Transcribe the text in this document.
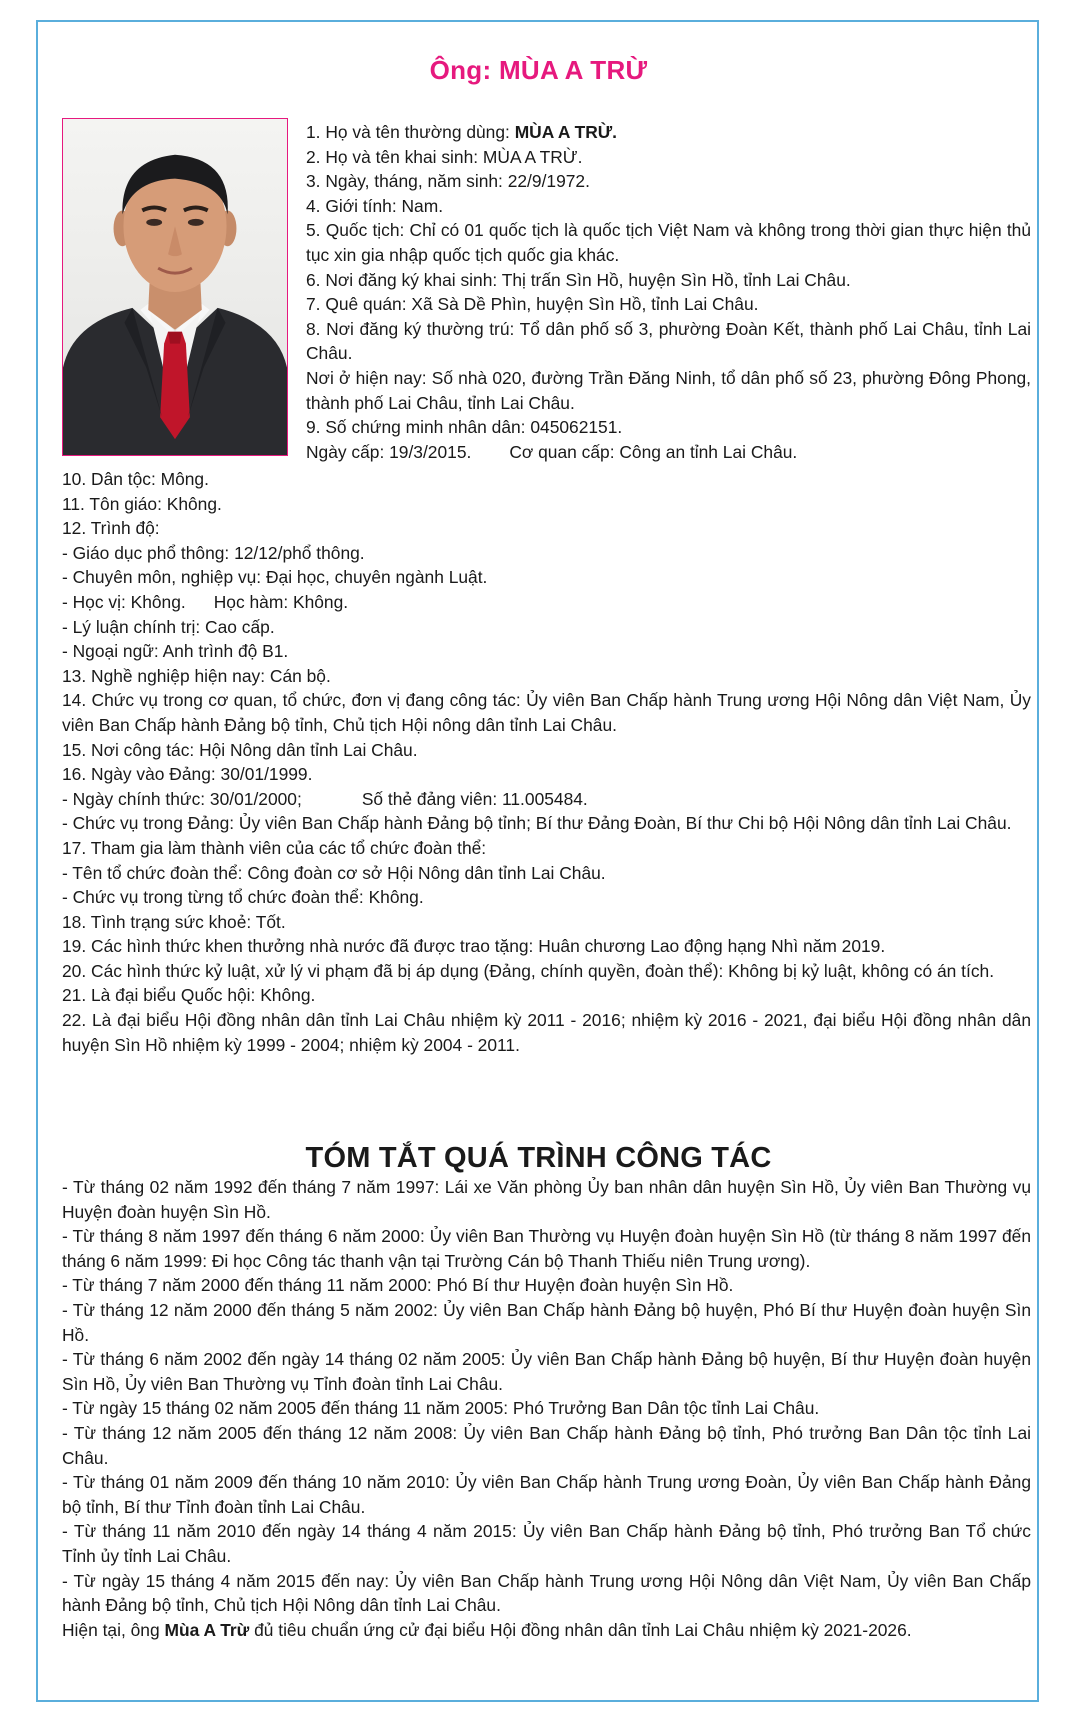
Ông: MÙA A TRỪ

1. Họ và tên thường dùng: MÙA A TRỪ.

2. Họ và tên khai sinh: MÙA A TRỪ.

3. Ngày, tháng, năm sinh: 22/9/1972.

4. Giới tính: Nam.

5. Quốc tịch: Chỉ có 01 quốc tịch là quốc tịch Việt Nam và không trong thời gian thực hiện thủ tục xin gia nhập quốc tịch quốc gia khác.

6. Nơi đăng ký khai sinh: Thị trấn Sìn Hồ, huyện Sìn Hồ, tỉnh Lai Châu.

7. Quê quán: Xã Sà Dề Phìn, huyện Sìn Hồ, tỉnh Lai Châu.

8. Nơi đăng ký thường trú: Tổ dân phố số 3, phường Đoàn Kết, thành phố Lai Châu, tỉnh Lai Châu.

Nơi ở hiện nay: Số nhà 020, đường Trần Đăng Ninh, tổ dân phố số 23, phường Đông Phong, thành phố Lai Châu, tỉnh Lai Châu.

9. Số chứng minh nhân dân: 045062151.

Ngày cấp: 19/3/2015. Cơ quan cấp: Công an tỉnh Lai Châu.

10. Dân tộc: Mông.

11. Tôn giáo: Không.

12. Trình độ:

- Giáo dục phổ thông: 12/12/phổ thông.

- Chuyên môn, nghiệp vụ: Đại học, chuyên ngành Luật.

- Học vị: Không. Học hàm: Không.

- Lý luận chính trị: Cao cấp.

- Ngoại ngữ: Anh trình độ B1.

13. Nghề nghiệp hiện nay: Cán bộ.

14. Chức vụ trong cơ quan, tổ chức, đơn vị đang công tác: Ủy viên Ban Chấp hành Trung ương Hội Nông dân Việt Nam, Ủy viên Ban Chấp hành Đảng bộ tỉnh, Chủ tịch Hội nông dân tỉnh Lai Châu.

15. Nơi công tác: Hội Nông dân tỉnh Lai Châu.

16. Ngày vào Đảng: 30/01/1999.

- Ngày chính thức: 30/01/2000;	Số thẻ đảng viên: 11.005484.

- Chức vụ trong Đảng: Ủy viên Ban Chấp hành Đảng bộ tỉnh; Bí thư Đảng Đoàn, Bí thư Chi bộ Hội Nông dân tỉnh Lai Châu.

17. Tham gia làm thành viên của các tổ chức đoàn thể:

- Tên tổ chức đoàn thể: Công đoàn cơ sở Hội Nông dân tỉnh Lai Châu.

- Chức vụ trong từng tổ chức đoàn thể: Không.

18. Tình trạng sức khoẻ: Tốt.

19. Các hình thức khen thưởng nhà nước đã được trao tặng: Huân chương Lao động hạng Nhì năm 2019.

20. Các hình thức kỷ luật, xử lý vi phạm đã bị áp dụng (Đảng, chính quyền, đoàn thể): Không bị kỷ luật, không có án tích.

21. Là đại biểu Quốc hội: Không.

22. Là đại biểu Hội đồng nhân dân tỉnh Lai Châu nhiệm kỳ 2011 - 2016; nhiệm kỳ 2016 - 2021, đại biểu Hội đồng nhân dân huyện Sìn Hồ nhiệm kỳ 1999 - 2004; nhiệm kỳ 2004 - 2011.

TÓM TẮT QUÁ TRÌNH CÔNG TÁC

- Từ tháng 02 năm 1992 đến tháng 7 năm 1997: Lái xe Văn phòng Ủy ban nhân dân huyện Sìn Hồ, Ủy viên Ban Thường vụ Huyện đoàn huyện Sìn Hồ.

- Từ tháng 8 năm 1997 đến tháng 6 năm 2000: Ủy viên Ban Thường vụ Huyện đoàn huyện Sìn Hồ (từ tháng 8 năm 1997 đến tháng 6 năm 1999: Đi học Công tác thanh vận tại Trường Cán bộ Thanh Thiếu niên Trung ương).

- Từ tháng 7 năm 2000 đến tháng 11 năm 2000: Phó Bí thư Huyện đoàn huyện Sìn Hồ.

- Từ tháng 12 năm 2000 đến tháng 5 năm 2002: Ủy viên Ban Chấp hành Đảng bộ huyện, Phó Bí thư Huyện đoàn huyện Sìn Hồ.

- Từ tháng 6 năm 2002 đến ngày 14 tháng 02 năm 2005: Ủy viên Ban Chấp hành Đảng bộ huyện, Bí thư Huyện đoàn huyện Sìn Hồ, Ủy viên Ban Thường vụ Tỉnh đoàn tỉnh Lai Châu.

- Từ ngày 15 tháng 02 năm 2005 đến tháng 11 năm 2005: Phó Trưởng Ban Dân tộc tỉnh Lai Châu.

- Từ tháng 12 năm 2005 đến tháng 12 năm 2008: Ủy viên Ban Chấp hành Đảng bộ tỉnh, Phó trưởng Ban Dân tộc tỉnh Lai Châu.

- Từ tháng 01 năm 2009 đến tháng 10 năm 2010: Ủy viên Ban Chấp hành Trung ương Đoàn, Ủy viên Ban Chấp hành Đảng bộ tỉnh, Bí thư Tỉnh đoàn tỉnh Lai Châu.

- Từ tháng 11 năm 2010 đến ngày 14 tháng 4 năm 2015: Ủy viên Ban Chấp hành Đảng bộ tỉnh, Phó trưởng Ban Tổ chức Tỉnh ủy tỉnh Lai Châu.

- Từ ngày 15 tháng 4 năm 2015 đến nay: Ủy viên Ban Chấp hành Trung ương Hội Nông dân Việt Nam, Ủy viên Ban Chấp hành Đảng bộ tỉnh, Chủ tịch Hội Nông dân tỉnh Lai Châu.

Hiện tại, ông Mùa A Trừ đủ tiêu chuẩn ứng cử đại biểu Hội đồng nhân dân tỉnh Lai Châu nhiệm kỳ 2021-2026.
